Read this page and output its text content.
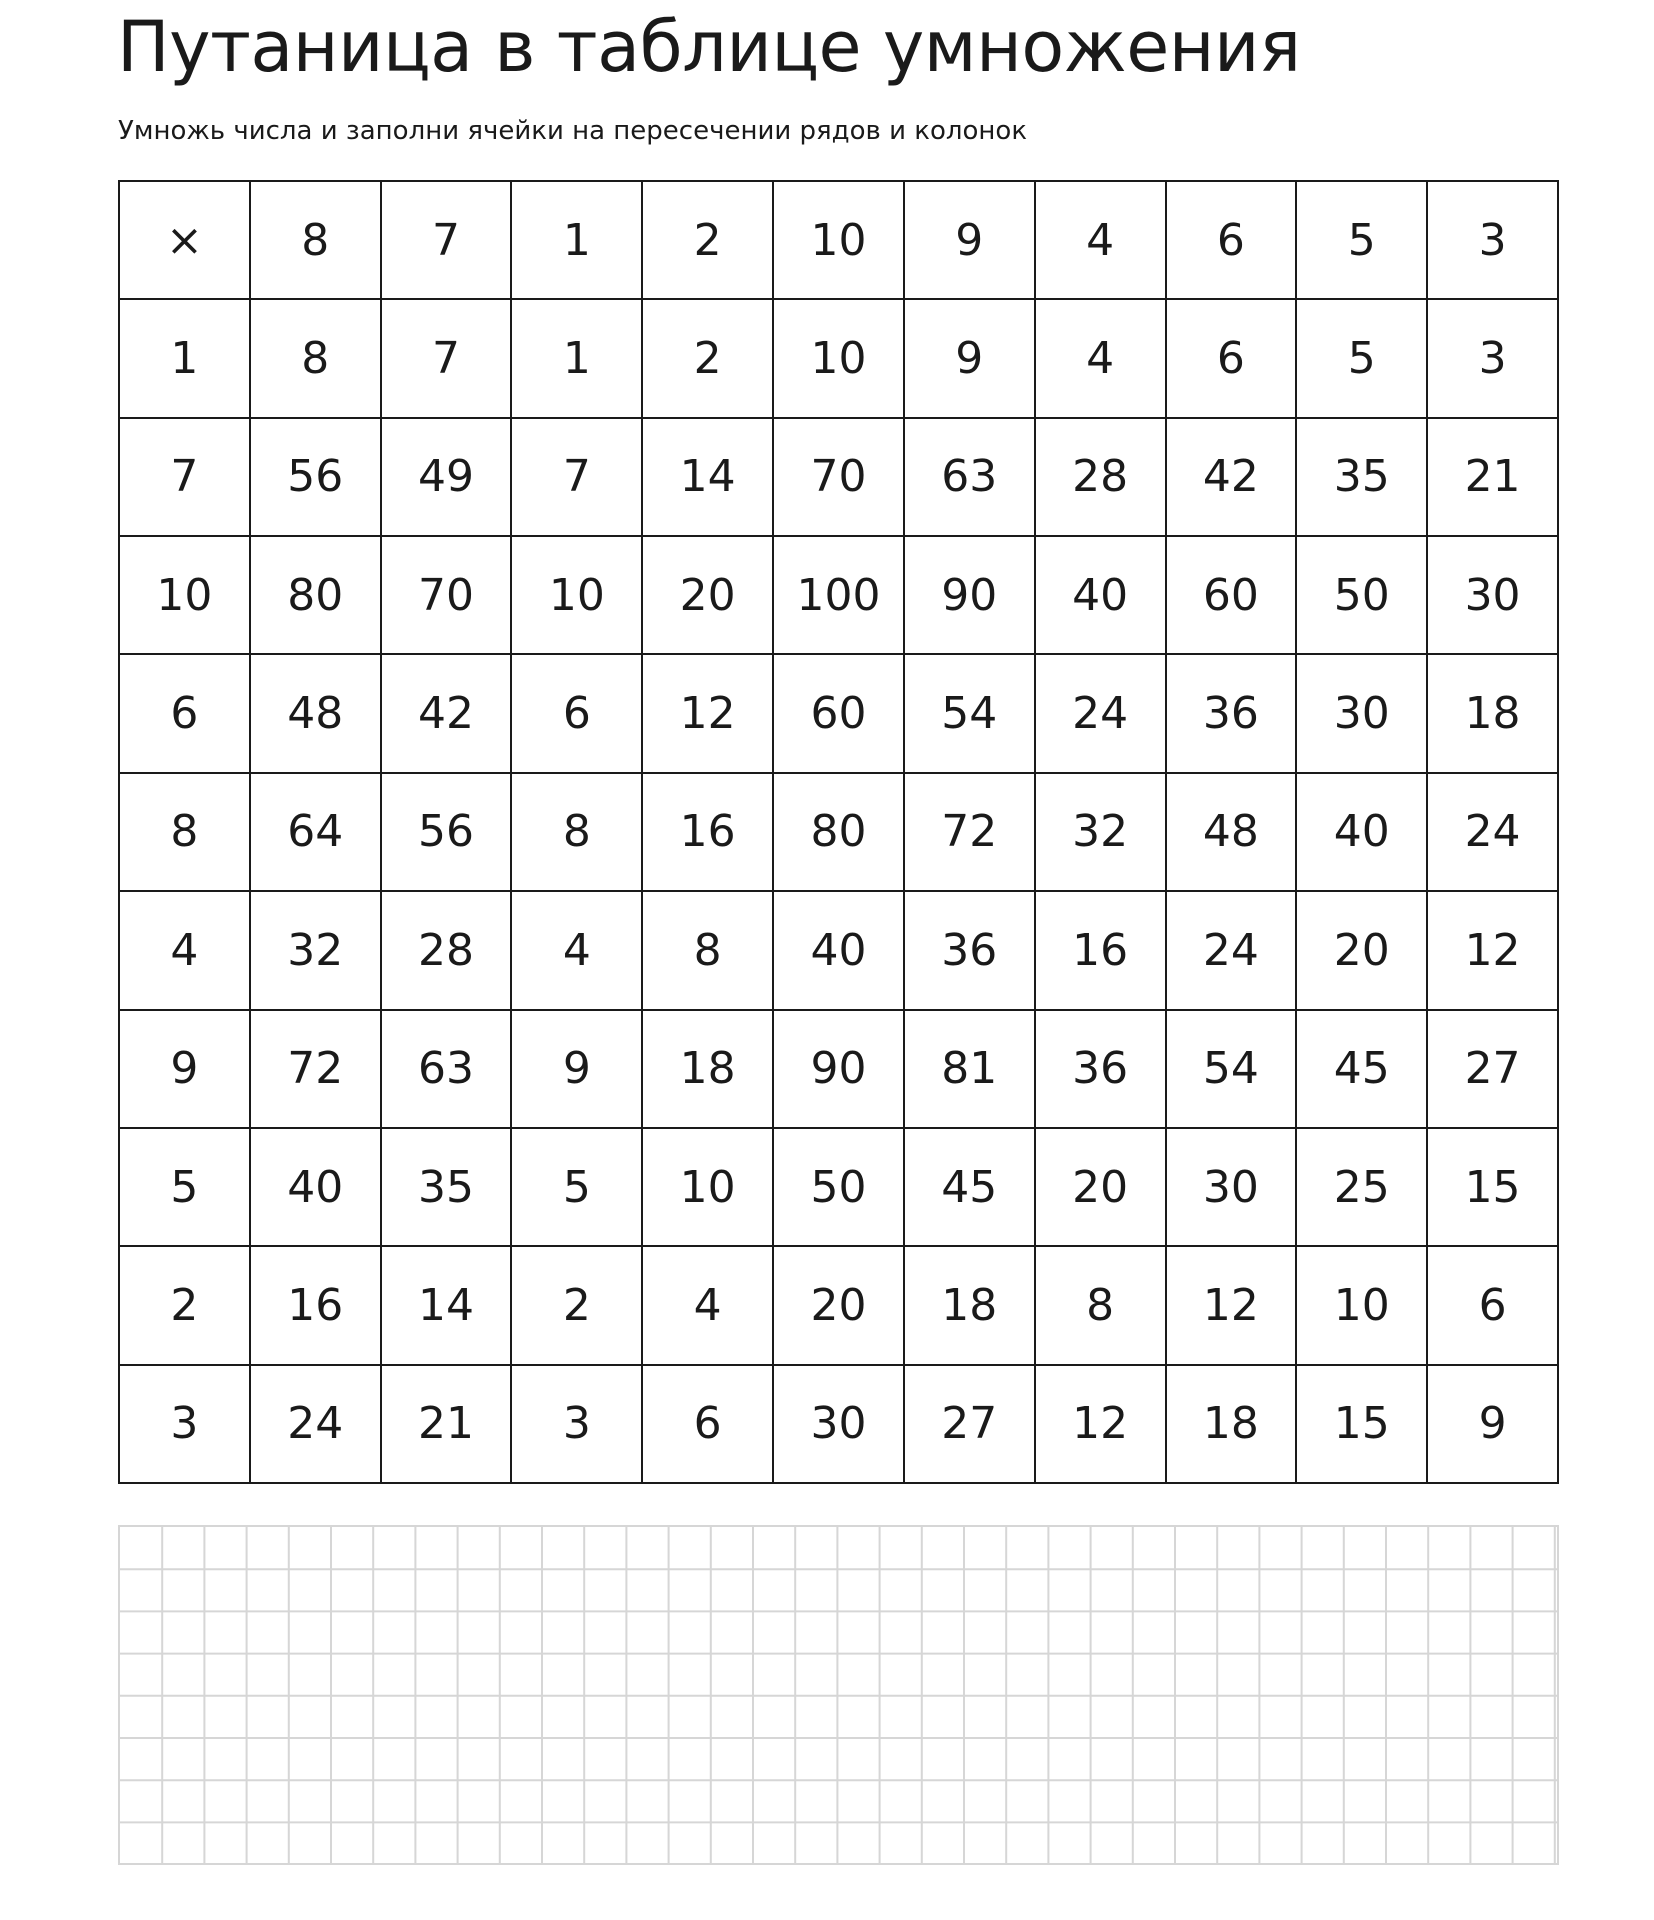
Путаница в таблице умножения

Умножь числа и заполни ячейки на пересечении рядов и колонок

×	8	7	1	2	10	9	4	6	5	3
1	8	7	1	2	10	9	4	6	5	3
7	56	49	7	14	70	63	28	42	35	21
10	80	70	10	20	100	90	40	60	50	30
6	48	42	6	12	60	54	24	36	30	18
8	64	56	8	16	80	72	32	48	40	24
4	32	28	4	8	40	36	16	24	20	12
9	72	63	9	18	90	81	36	54	45	27
5	40	35	5	10	50	45	20	30	25	15
2	16	14	2	4	20	18	8	12	10	6
3	24	21	3	6	30	27	12	18	15	9
